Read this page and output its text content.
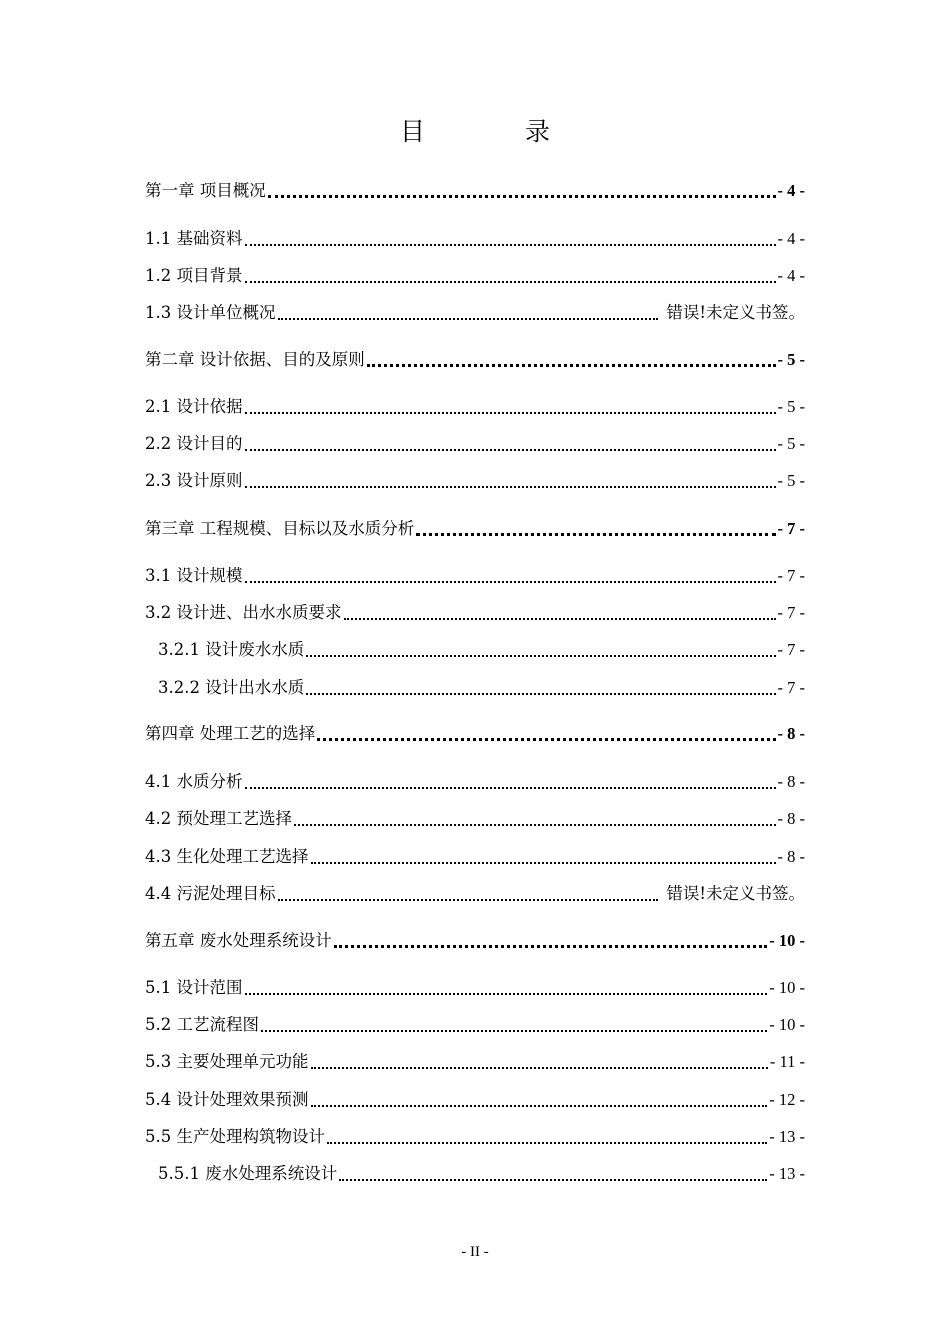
目 录
第一章 项目概况	- 4 -
1.1 基础资料	- 4 -
1.2 项目背景	- 4 -
1.3 设计单位概况	错误!未定义书签。
第二章 设计依据、目的及原则	- 5 -
2.1 设计依据	- 5 -
2.2 设计目的	- 5 -
2.3 设计原则	- 5 -
第三章 工程规模、目标以及水质分析	- 7 -
3.1 设计规模	- 7 -
3.2 设计进、出水水质要求	- 7 -
3.2.1 设计废水水质	- 7 -
3.2.2 设计出水水质	- 7 -
第四章 处理工艺的选择	- 8 -
4.1 水质分析	- 8 -
4.2 预处理工艺选择	- 8 -
4.3 生化处理工艺选择	- 8 -
4.4 污泥处理目标	错误!未定义书签。
第五章 废水处理系统设计	- 10 -
5.1 设计范围	- 10 -
5.2 工艺流程图	- 10 -
5.3 主要处理单元功能	- 11 -
5.4 设计处理效果预测	- 12 -
5.5 生产处理构筑物设计	- 13 -
5.5.1 废水处理系统设计	- 13 -
- II -
